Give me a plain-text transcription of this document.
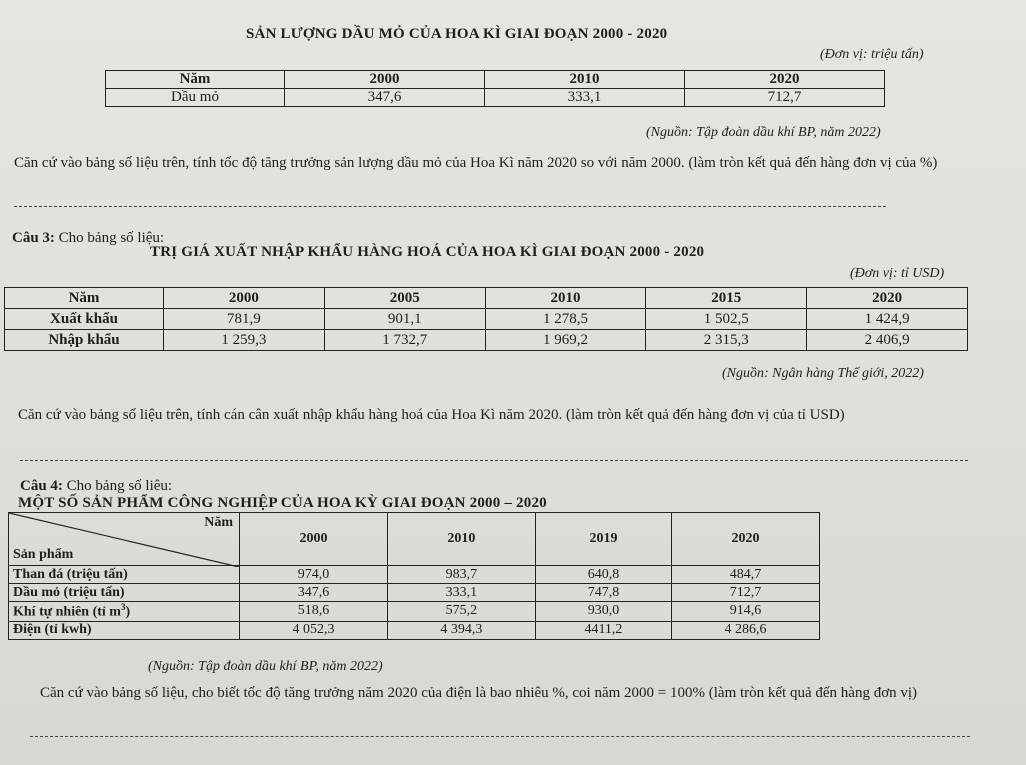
SẢN LƯỢNG DẦU MỎ CỦA HOA KÌ GIAI ĐOẠN 2000 - 2020
(Đơn vị: triệu tấn)
Năm	2000	2010	2020
Dầu mỏ	347,6	333,1	712,7
(Nguồn: Tập đoàn dầu khí BP, năm 2022)
Căn cứ vào bảng số liệu trên, tính tốc độ tăng trưởng sản lượng dầu mỏ của Hoa Kì năm 2020 so với năm 2000. (làm tròn kết quả đến hàng đơn vị của %)
Câu 3: Cho bảng số liệu:
TRỊ GIÁ XUẤT NHẬP KHẨU HÀNG HOÁ CỦA HOA KÌ GIAI ĐOẠN 2000 - 2020
(Đơn vị: tỉ USD)
Năm	2000	2005	2010	2015	2020
Xuất khẩu	781,9	901,1	1 278,5	1 502,5	1 424,9
Nhập khẩu	1 259,3	1 732,7	1 969,2	2 315,3	2 406,9
(Nguồn: Ngân hàng Thế giới, 2022)
Căn cứ vào bảng số liệu trên, tính cán cân xuất nhập khẩu hàng hoá của Hoa Kì năm 2020. (làm tròn kết quả đến hàng đơn vị của tỉ USD)
Câu 4: Cho bảng số liêu:
MỘT SỐ SẢN PHẨM CÔNG NGHIỆP CỦA HOA KỲ GIAI ĐOẠN 2000 – 2020
Năm
Sản phẩm	2000	2010	2019	2020
Than đá (triệu tấn)	974,0	983,7	640,8	484,7
Dầu mỏ (triệu tấn)	347,6	333,1	747,8	712,7
Khí tự nhiên (tỉ $m^3$)	518,6	575,2	930,0	914,6
Điện (tỉ kwh)	4 052,3	4 394,3	4411,2	4 286,6
(Nguồn: Tập đoàn dầu khí BP, năm 2022)
Căn cứ vào bảng số liệu, cho biết tốc độ tăng trưởng năm 2020 của điện là bao nhiêu %, coi năm 2000 = 100% (làm tròn kết quả đến hàng đơn vị)
